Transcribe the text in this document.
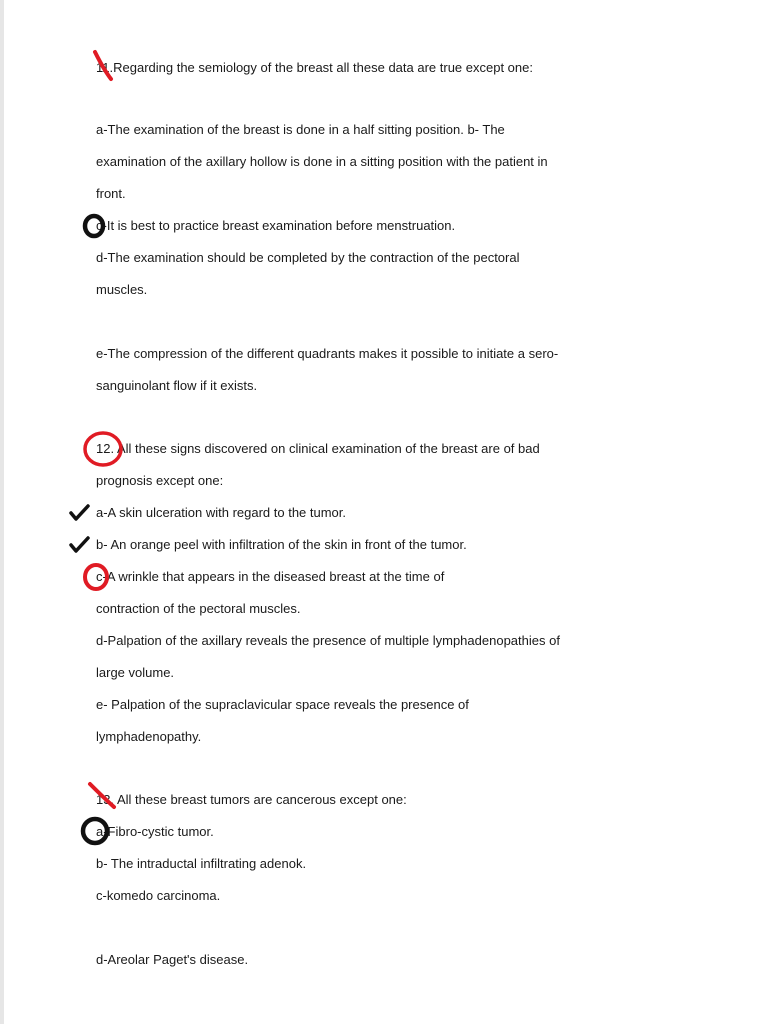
11.Regarding the semiology of the breast all these data are true except one:
a-The examination of the breast is done in a half sitting position. b- The
examination of the axillary hollow is done in a sitting position with the patient in
front.
c-It is best to practice breast examination before menstruation.
d-The examination should be completed by the contraction of the pectoral
muscles.
e-The compression of the different quadrants makes it possible to initiate a sero-
sanguinolant flow if it exists.
12. All these signs discovered on clinical examination of the breast are of bad
prognosis except one:
a-A skin ulceration with regard to the tumor.
b- An orange peel with infiltration of the skin in front of the tumor.
c-A wrinkle that appears in the diseased breast at the time of
contraction of the pectoral muscles.
d-Palpation of the axillary reveals the presence of multiple lymphadenopathies of
large volume.
e- Palpation of the supraclavicular space reveals the presence of
lymphadenopathy.
13. All these breast tumors are cancerous except one:
a-Fibro-cystic tumor.
b- The intraductal infiltrating adenok.
c-komedo carcinoma.
d-Areolar Paget's disease.
